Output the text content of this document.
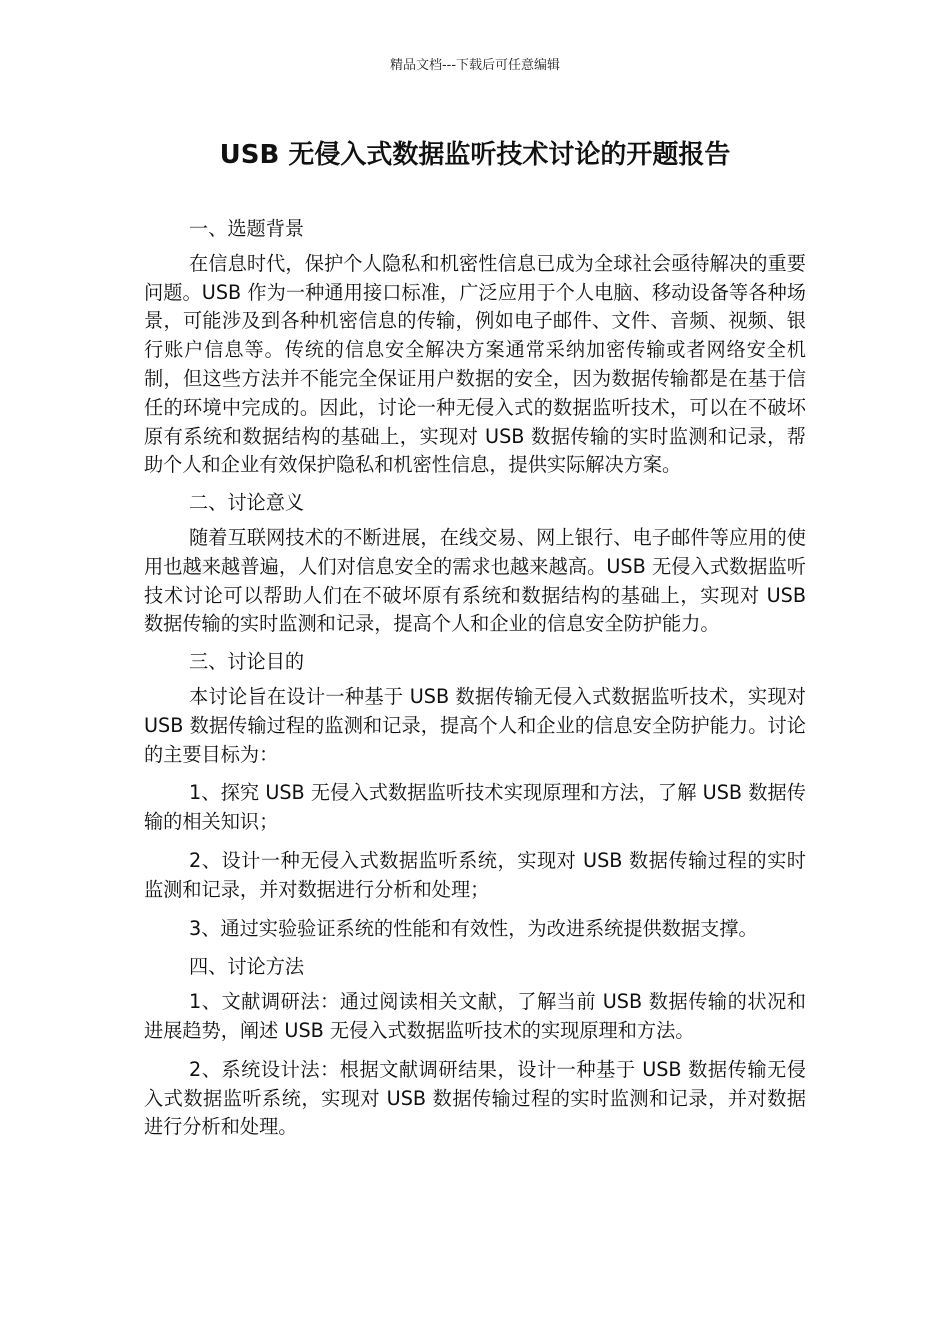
精品文档---下载后可任意编辑
USB 无侵入式数据监听技术讨论的开题报告

一、选题背景

在信息时代，保护个人隐私和机密性信息已成为全球社会亟待解决的重要问题。USB 作为一种通用接口标准，广泛应用于个人电脑、移动设备等各种场景，可能涉及到各种机密信息的传输，例如电子邮件、文件、音频、视频、银行账户信息等。传统的信息安全解决方案通常采纳加密传输或者网络安全机制，但这些方法并不能完全保证用户数据的安全，因为数据传输都是在基于信任的环境中完成的。因此，讨论一种无侵入式的数据监听技术，可以在不破坏原有系统和数据结构的基础上，实现对 USB 数据传输的实时监测和记录，帮助个人和企业有效保护隐私和机密性信息，提供实际解决方案。

二、讨论意义

随着互联网技术的不断进展，在线交易、网上银行、电子邮件等应用的使用也越来越普遍，人们对信息安全的需求也越来越高。USB 无侵入式数据监听技术讨论可以帮助人们在不破坏原有系统和数据结构的基础上，实现对 USB 数据传输的实时监测和记录，提高个人和企业的信息安全防护能力。

三、讨论目的

本讨论旨在设计一种基于 USB 数据传输无侵入式数据监听技术，实现对 USB 数据传输过程的监测和记录，提高个人和企业的信息安全防护能力。讨论的主要目标为：

1、探究 USB 无侵入式数据监听技术实现原理和方法，了解 USB 数据传输的相关知识；

2、设计一种无侵入式数据监听系统，实现对 USB 数据传输过程的实时监测和记录，并对数据进行分析和处理；

3、通过实验验证系统的性能和有效性，为改进系统提供数据支撑。

四、讨论方法

1、文献调研法：通过阅读相关文献，了解当前 USB 数据传输的状况和进展趋势，阐述 USB 无侵入式数据监听技术的实现原理和方法。

2、系统设计法：根据文献调研结果，设计一种基于 USB 数据传输无侵入式数据监听系统，实现对 USB 数据传输过程的实时监测和记录，并对数据进行分析和处理。
